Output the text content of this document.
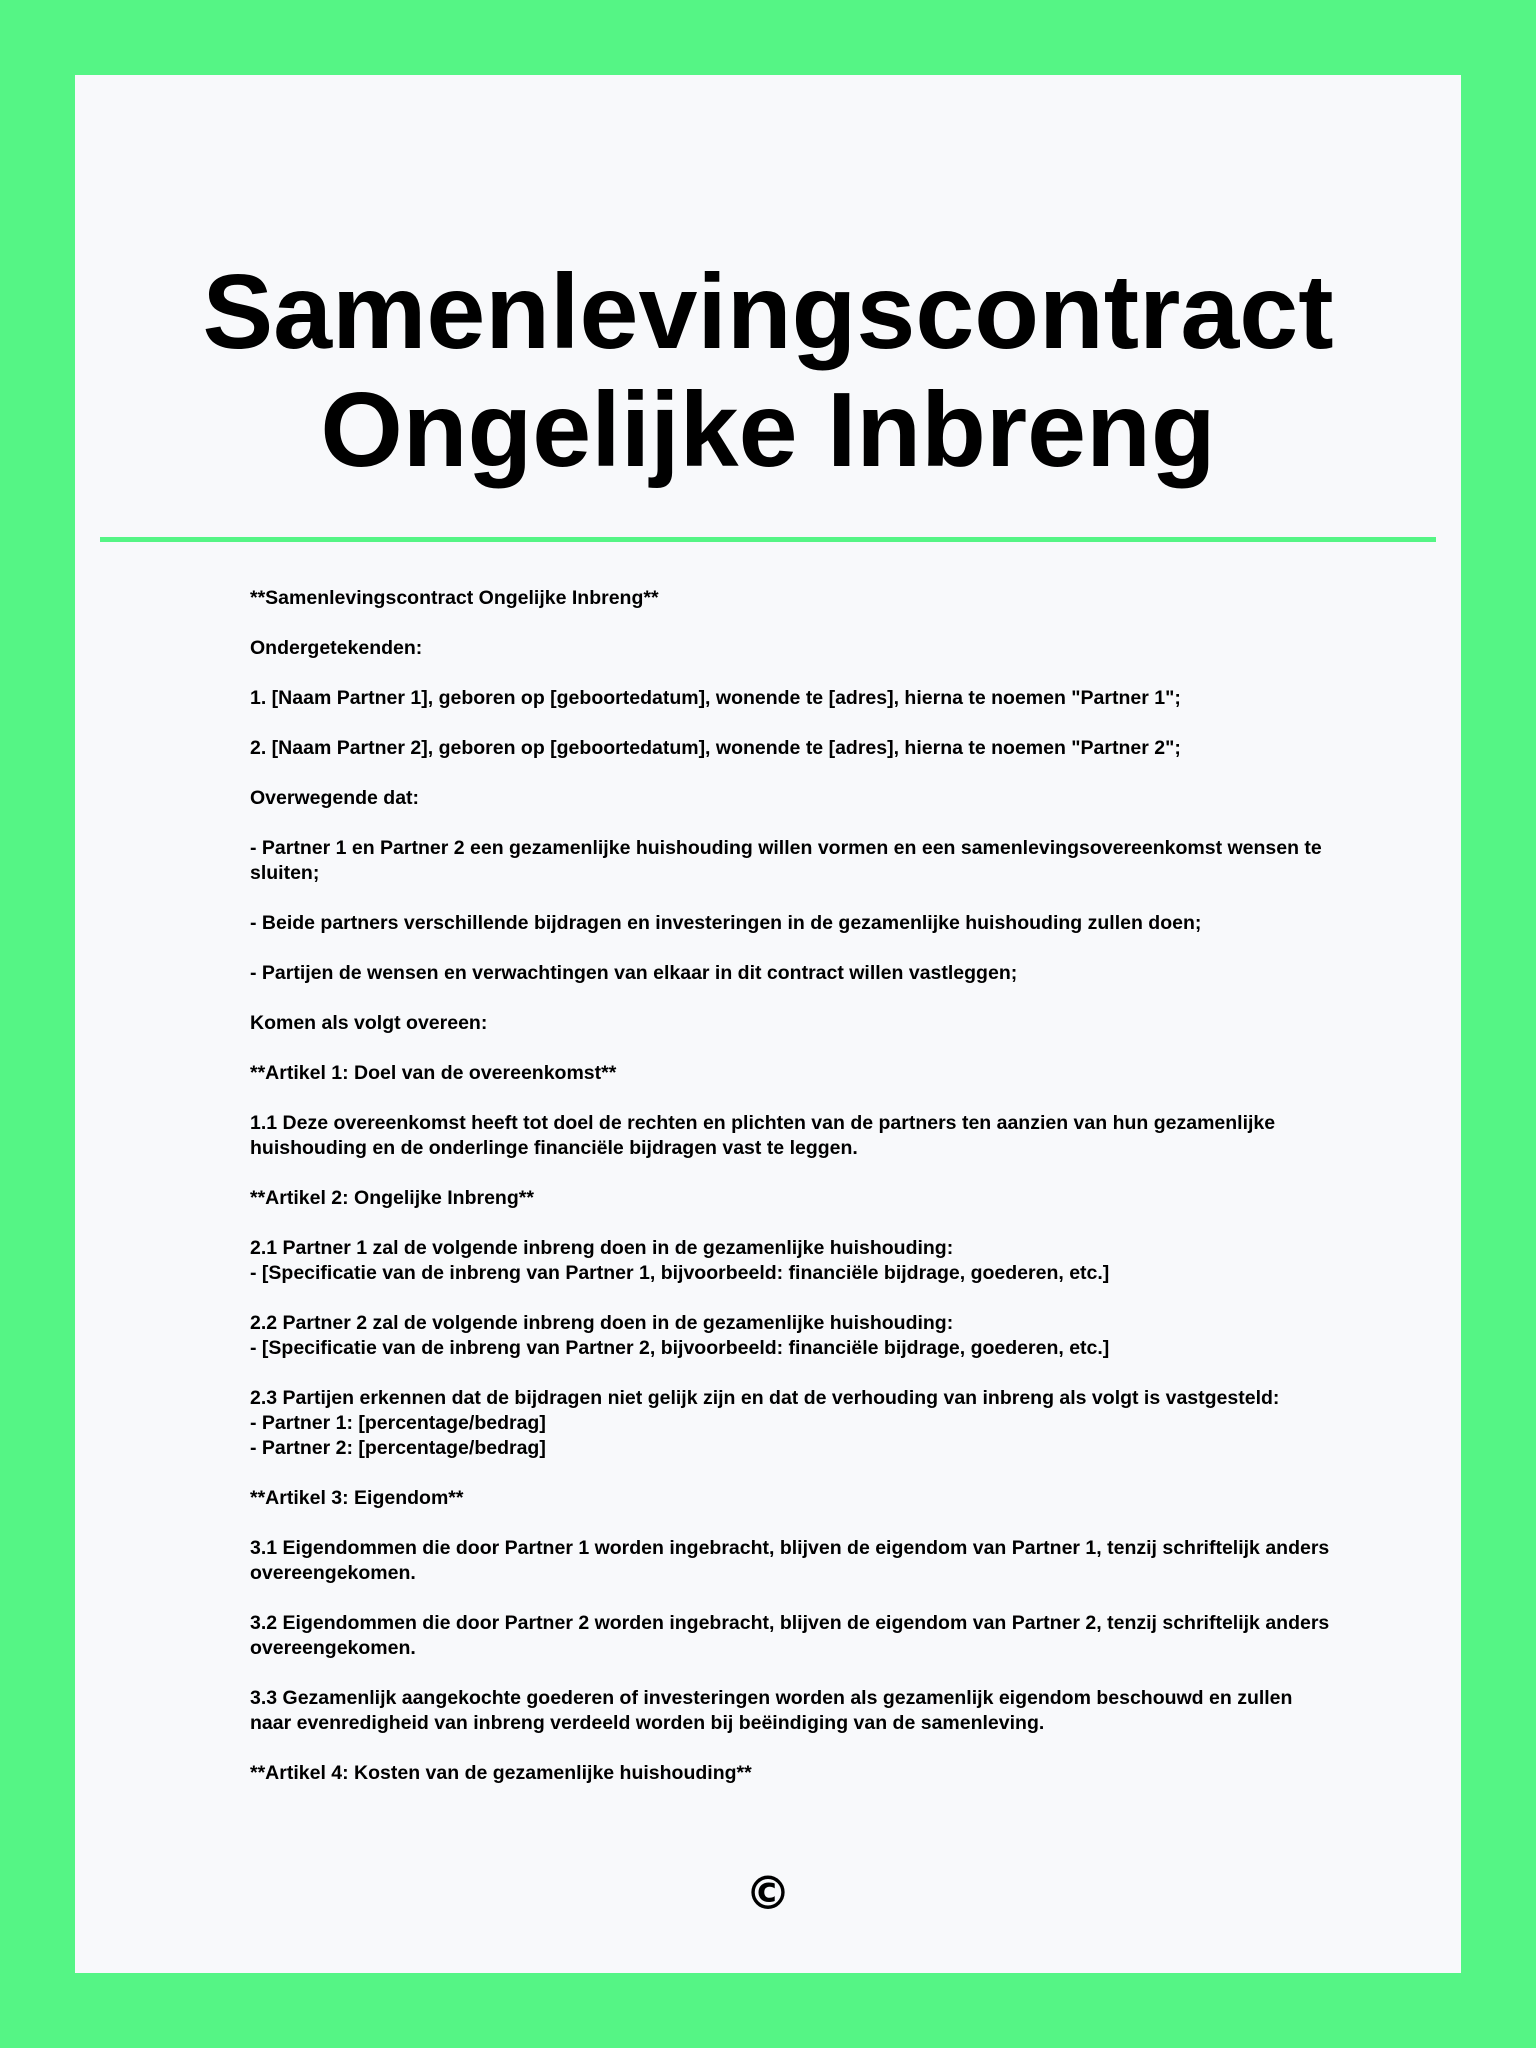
Samenlevingscontract
Ongelijke Inbreng

**Samenlevingscontract Ongelijke Inbreng**

Ondergetekenden:

1. [Naam Partner 1], geboren op [geboortedatum], wonende te [adres], hierna te noemen "Partner 1";

2. [Naam Partner 2], geboren op [geboortedatum], wonende te [adres], hierna te noemen "Partner 2";

Overwegende dat:

- Partner 1 en Partner 2 een gezamenlijke huishouding willen vormen en een samenlevingsovereenkomst wensen te sluiten;

- Beide partners verschillende bijdragen en investeringen in de gezamenlijke huishouding zullen doen;

- Partijen de wensen en verwachtingen van elkaar in dit contract willen vastleggen;

Komen als volgt overeen:

**Artikel 1: Doel van de overeenkomst**

1.1 Deze overeenkomst heeft tot doel de rechten en plichten van de partners ten aanzien van hun gezamenlijke huishouding en de onderlinge financiële bijdragen vast te leggen.

**Artikel 2: Ongelijke Inbreng**

2.1 Partner 1 zal de volgende inbreng doen in de gezamenlijke huishouding:
- [Specificatie van de inbreng van Partner 1, bijvoorbeeld: financiële bijdrage, goederen, etc.]

2.2 Partner 2 zal de volgende inbreng doen in de gezamenlijke huishouding:
- [Specificatie van de inbreng van Partner 2, bijvoorbeeld: financiële bijdrage, goederen, etc.]

2.3 Partijen erkennen dat de bijdragen niet gelijk zijn en dat de verhouding van inbreng als volgt is vastgesteld:
- Partner 1: [percentage/bedrag]
- Partner 2: [percentage/bedrag]

**Artikel 3: Eigendom**

3.1 Eigendommen die door Partner 1 worden ingebracht, blijven de eigendom van Partner 1, tenzij schriftelijk anders overeengekomen.

3.2 Eigendommen die door Partner 2 worden ingebracht, blijven de eigendom van Partner 2, tenzij schriftelijk anders overeengekomen.

3.3 Gezamenlijk aangekochte goederen of investeringen worden als gezamenlijk eigendom beschouwd en zullen naar evenredigheid van inbreng verdeeld worden bij beëindiging van de samenleving.

**Artikel 4: Kosten van de gezamenlijke huishouding**

©
